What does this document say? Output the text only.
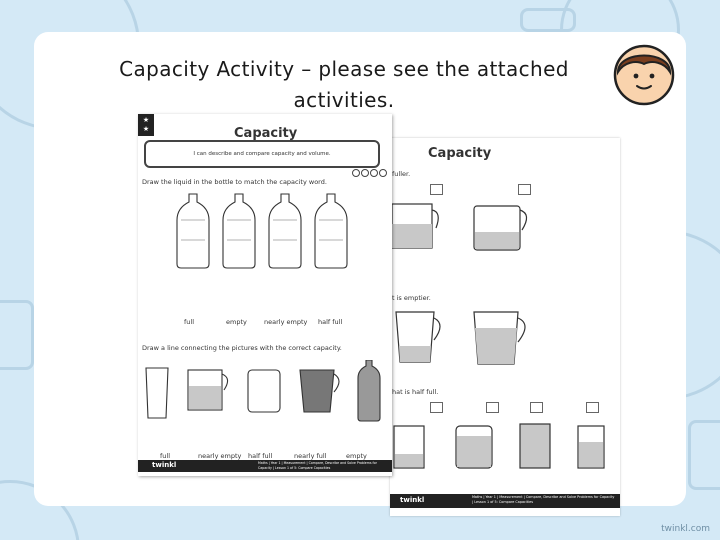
Capacity Activity – please see the attached activities.
Capacity
fuller.
t is emptier.
hat is half full.
twinkl	Maths | Year 1 | Measurement | Compare, Describe and Solve Problems for Capacity | Lesson 1 of 5: Compare Capacities
★
★	Capacity
I can describe and compare capacity and volume.
Draw the liquid in the bottle to match the capacity word.
full	empty	nearly empty half full
Draw a line connecting the pictures with the correct capacity.
full	nearly empty half full	nearly full	empty
twinkl	Maths | Year 1 | Measurement | Compare, Describe and Solve Problems for Capacity | Lesson 1 of 5: Compare Capacities
twinkl.com
